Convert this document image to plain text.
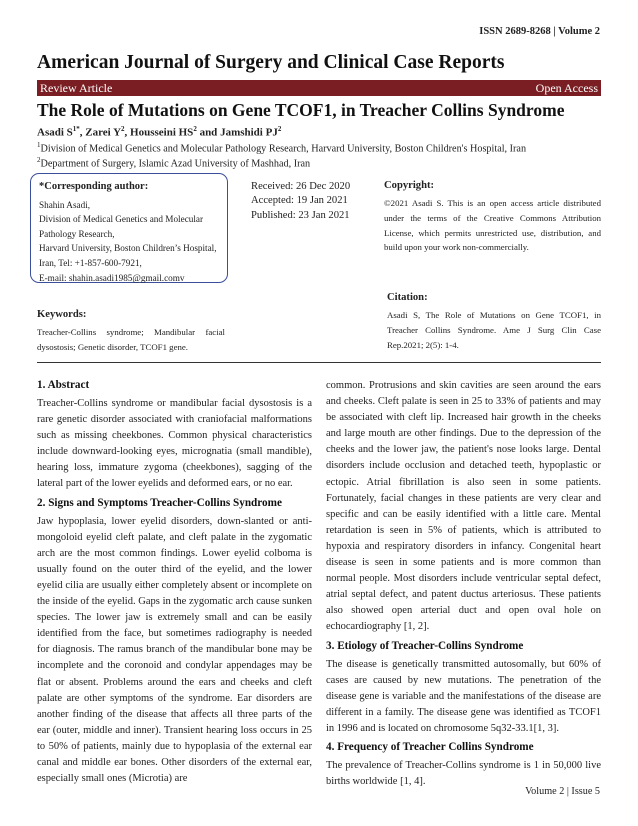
ISSN 2689-8268 | Volume 2
American Journal of Surgery and Clinical Case Reports
Review Article	Open Access
The Role of Mutations on Gene TCOF1, in Treacher Collins Syndrome
Asadi $S^{1*}$, Zarei $Y^2$, Housseini $HS^2$ and Jamshidi $PJ^2$
$^1$Division of Medical Genetics and Molecular Pathology Research, Harvard University, Boston Children's Hospital, Iran
$^2$Department of Surgery, Islamic Azad University of Mashhad, Iran
*Corresponding author:
Shahin Asadi,
Division of Medical Genetics and Molecular
Pathology Research,
Harvard University, Boston Children’s Hospital,
Iran, Tel: +1-857-600-7921,
E-mail: shahin.asadi1985@gmail.comv
Received: 26 Dec 2020
Accepted: 19 Jan 2021
Published: 23 Jan 2021
Copyright:
©2021 Asadi S. This is an open access article distributed under the terms of the Creative Commons Attribution License, which permits unrestricted use, distribution, and build upon your work non-commercially.
Keywords:
Treacher-Collins syndrome; Mandibular facial dysostosis; Genetic disorder, TCOF1 gene.
Citation:
Asadi S, The Role of Mutations on Gene TCOF1, in Treacher Collins Syndrome. Ame J Surg Clin Case Rep.2021; 2(5): 1-4.
1. Abstract

Treacher-Collins syndrome or mandibular facial dysostosis is a rare genetic disorder associated with craniofacial malformations such as missing cheekbones. Common physical characteristics include downward-looking eyes, micrognatia (small mandible), hearing loss, immature zygoma (cheekbones), sagging of the lateral part of the lower eyelids and deformed ears, or no ear.

2. Signs and Symptoms Treacher-Collins Syndrome

Jaw hypoplasia, lower eyelid disorders, down-slanted or anti-mongoloid eyelid cleft palate, and cleft palate in the zygomatic arch are the most common findings. Lower eyelid colboma is usually found on the outer third of the eyelid, and the lower eyelid cilia are usually either completely absent or incomplete on the inside of the eyelid. Gaps in the zygomatic arch cause sunken species. The lower jaw is extremely small and can be easily identified from the face, but sometimes radiography is needed for diagnosis. The ramus branch of the mandibular bone may be incomplete and the coronoid and condylar appendages may be flat or absent. Problems around the ears and cheeks and cleft palate are other symptoms of the syndrome. Ear disorders are another finding of the disease that affects all three parts of the ear (outer, middle and inner). Transient hearing loss occurs in 25 to 50% of patients, mainly due to hypoplasia of the external ear canal and middle ear bones. Other disorders of the external ear, especially small ones (Microtia) are

common. Protrusions and skin cavities are seen around the ears and cheeks. Cleft palate is seen in 25 to 33% of patients and may be associated with cleft lip. Increased hair growth in the cheeks and large mouth are other findings. Due to the depression of the cheeks and the lower jaw, the patient's nose looks large. Dental disorders include occlusion and detached teeth, hypoplastic or ectopic. Atrial fibrillation is also seen in some patients. Fortunately, facial changes in these patients are very clear and specific and can be easily identified with a little care. Mental retardation is seen in 5% of patients, which is attributed to hypoxia and respiratory disorders in infancy. Congenital heart disease is seen in some patients and is more common than normal people. Most disorders include ventricular septal defect, atrial septal defect, and patent ductus arteriosus. These patients also showed open arterial duct and open oval hole on echocardiography [1, 2].

3. Etiology of Treacher-Collins Syndrome

The disease is genetically transmitted autosomally, but 60% of cases are caused by new mutations. The penetration of the disease gene is variable and the manifestations of the disease are different in a family. The disease gene was identified as TCOF1 in 1996 and is located on chromosome 5q32-33.1[1, 3].

4. Frequency of Treacher Collins Syndrome

The prevalence of Treacher-Collins syndrome is 1 in 50,000 live births worldwide [1, 4].

Volume 2 | Issue 5
